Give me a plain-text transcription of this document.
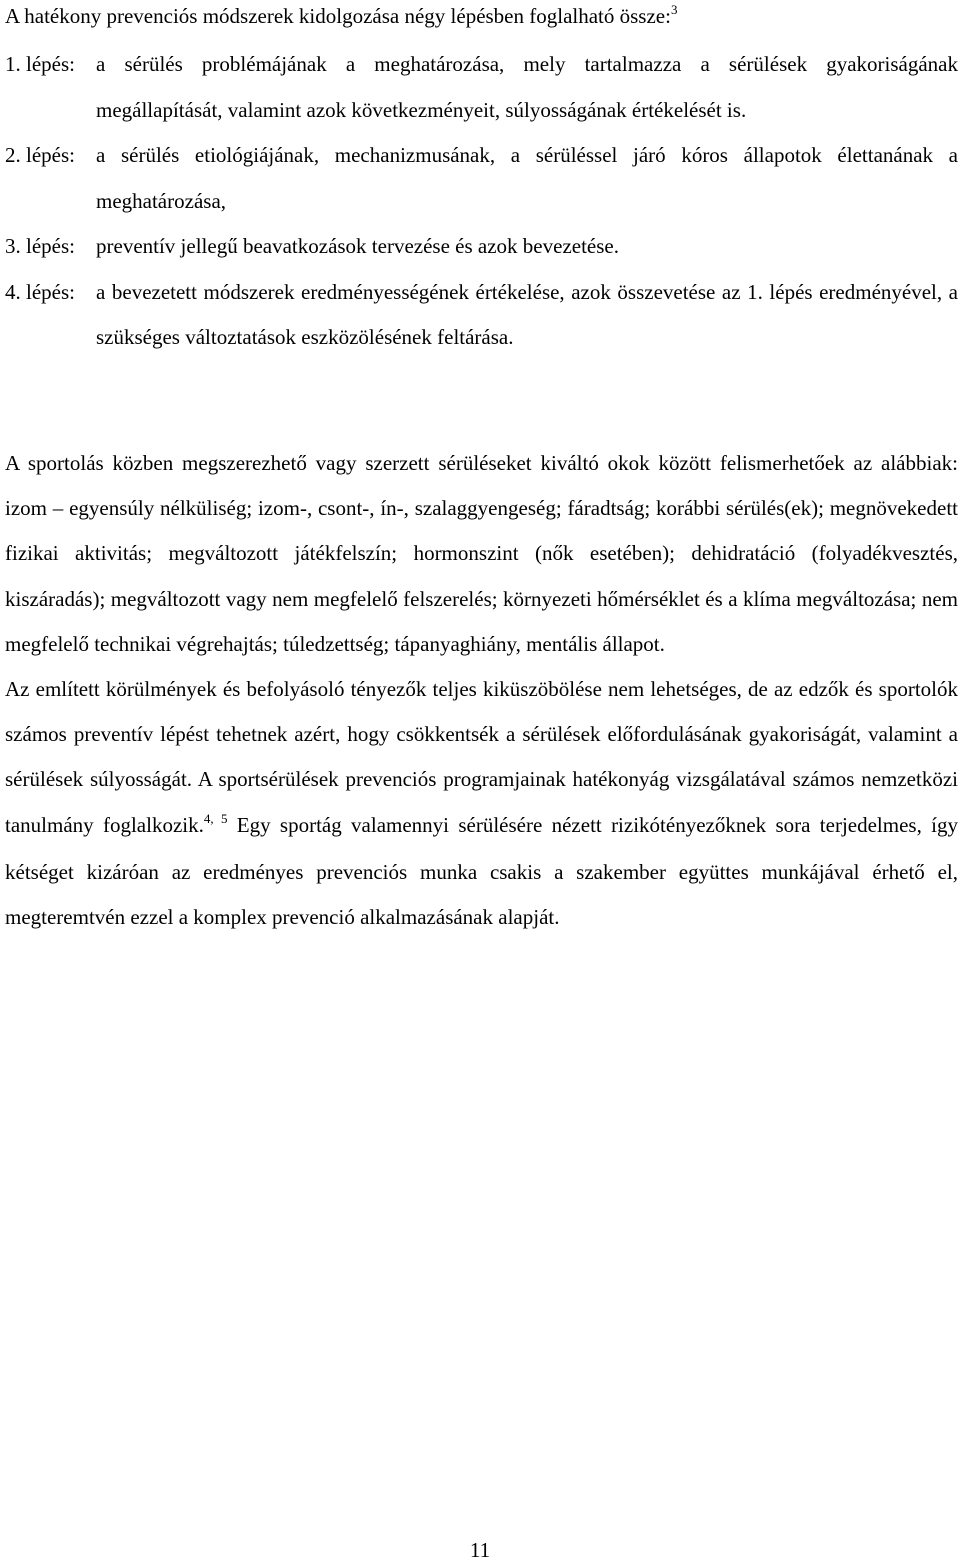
A hatékony prevenciós módszerek kidolgozása négy lépésben foglalható össze:$^3$
1. lépés: a sérülés problémájának a meghatározása, mely tartalmazza a sérülések gyakoriságának megállapítását, valamint azok következményeit, súlyosságának értékelését is.
2. lépés: a sérülés etiológiájának, mechanizmusának, a sérüléssel járó kóros állapotok élettanának a meghatározása,
3. lépés: preventív jellegű beavatkozások tervezése és azok bevezetése.
4. lépés: a bevezetett módszerek eredményességének értékelése, azok összevetése az 1. lépés eredményével, a szükséges változtatások eszközölésének feltárása.

A sportolás közben megszerezhető vagy szerzett sérüléseket kiváltó okok között felismerhetőek az alábbiak: izom – egyensúly nélküliség; izom-, csont-, ín-, szalaggyengeség; fáradtság; korábbi sérülés(ek); megnövekedett fizikai aktivitás; megváltozott játékfelszín; hormonszint (nők esetében); dehidratáció (folyadékvesztés, kiszáradás); megváltozott vagy nem megfelelő felszerelés; környezeti hőmérséklet és a klíma megváltozása; nem megfelelő technikai végrehajtás; túledzettség; tápanyaghiány, mentális állapot.

Az említett körülmények és befolyásoló tényezők teljes kiküszöbölése nem lehetséges, de az edzők és sportolók számos preventív lépést tehetnek azért, hogy csökkentsék a sérülések előfordulásának gyakoriságát, valamint a sérülések súlyosságát. A sportsérülések prevenciós programjainak hatékonyág vizsgálatával számos nemzetközi tanulmány foglalkozik.$^{4, 5}$ Egy sportág valamennyi sérülésére nézett rizikótényezőknek sora terjedelmes, így kétséget kizáróan az eredményes prevenciós munka csakis a szakember együttes munkájával érhető el, megteremtvén ezzel a komplex prevenció alkalmazásának alapját.

11
